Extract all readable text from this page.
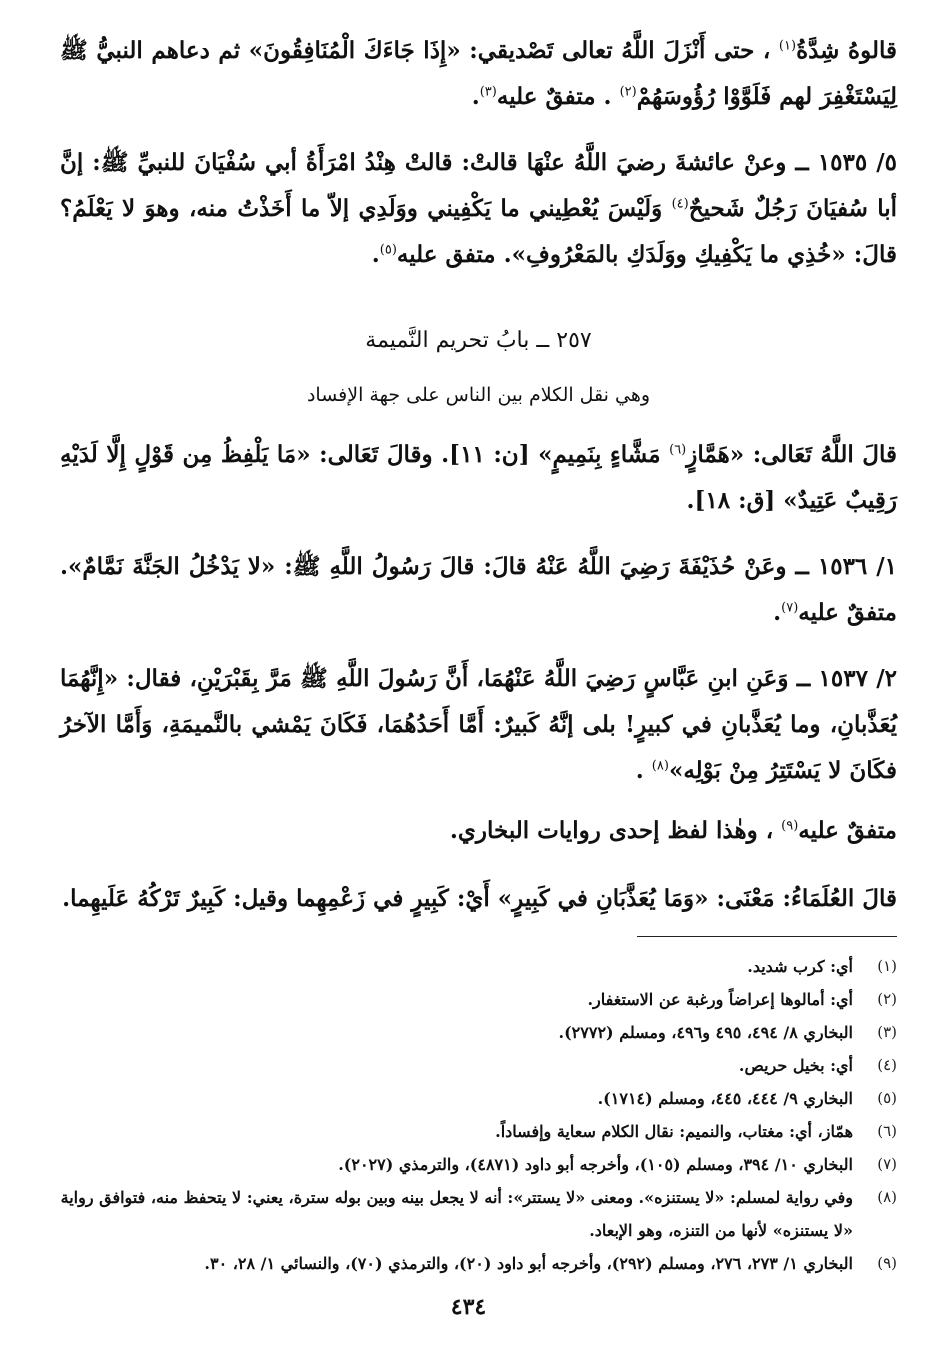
قالوهُ شِدَّةُ$^{(١)}$ ، حتى أَنْزَلَ اللَّهُ تعالى تَصْديقي: «إِذَا جَاءَكَ الْمُنَافِقُونَ» ثم دعاهم النبيُّ ﷺ لِيَسْتَغْفِرَ لهم فَلَوَّوْا رُؤُوسَهُمْ$^{(٢)}$ . متفقٌ عليه$^{(٣)}$.
٥/ ١٥٣٥ ــ وعنْ عائشةَ رضيَ اللَّهُ عنْهَا قالتْ: قالتْ هِنْدُ امْرَأَةُ أبي سُفْيَانَ للنبيِّ ﷺ: إنَّ أبا سُفيَانَ رَجُلٌ شَحيحٌ$^{(٤)}$ وَلَيْسَ يُعْطِيني ما يَكْفِيني ووَلَدِي إلاّ ما أَخَذْتُ منه، وهوَ لا يَعْلَمُ؟ قالَ: «خُذِي ما يَكْفِيكِ ووَلَدَكِ بالمَعْرُوفِ». متفق عليه$^{(٥)}$.
٢٥٧ ــ بابُ تحريم النَّميمة
وهي نقل الكلام بين الناس على جهة الإفساد
قالَ اللَّهُ تَعَالى: «هَمَّازٍ$^{(٦)}$ مَشَّاءٍ بِنَمِيمٍ» [ن: ١١]. وقالَ تَعَالى: «مَا يَلْفِظُ مِن قَوْلٍ إِلَّا لَدَيْهِ رَقِيبٌ عَتِيدٌ» [ق: ١٨].
١/ ١٥٣٦ ــ وعَنْ حُذَيْفَةَ رَضِيَ اللَّهُ عَنْهُ قالَ: قالَ رَسُولُ اللَّهِ ﷺ: «لا يَدْخُلُ الجَنَّةَ نَمَّامٌ». متفقٌ عليه$^{(٧)}$.
٢/ ١٥٣٧ ــ وَعَنِ ابنِ عَبَّاسٍ رَضِيَ اللَّهُ عَنْهُمَا، أَنَّ رَسُولَ اللَّهِ ﷺ مَرَّ بِقَبْرَيْنِ، فقال: «إِنَّهُمَا يُعَذَّبانِ، وما يُعَذَّبانِ في كبيرٍ! بلى إنَّهُ كَبيرٌ: أَمَّا أَحَدُهُمَا، فَكَانَ يَمْشي بالنَّميمَةِ، وَأَمَّا الآخرُ فكَانَ لا يَسْتَتِرُ مِنْ بَوْلِه»$^{(٨)}$ .
متفقٌ عليه$^{(٩)}$ ، وهٰذا لفظ إحدى روايات البخاري.
قالَ العُلَمَاءُ: مَعْنَى: «وَمَا يُعَذَّبَانِ في كَبِيرٍ» أَيْ: كَبِيرٍ في زَعْمِهِما وقيل: كَبِيرٌ تَرْكُهُ عَلَيهِما.
(١)
أي: كرب شديد.
(٢)
أي: أمالوها إعراضاً ورغبة عن الاستغفار.
(٣)
البخاري ٨/ ٤٩٤، ٤٩٥ و٤٩٦، ومسلم (٢٧٧٢).
(٤)
أي: بخيل حريص.
(٥)
البخاري ٩/ ٤٤٤، ٤٤٥، ومسلم (١٧١٤).
(٦)
همّاز، أي: مغتاب، والنميم: نقال الكلام سعاية وإفساداً.
(٧)
البخاري ١٠/ ٣٩٤، ومسلم (١٠٥)، وأخرجه أبو داود (٤٨٧١)، والترمذي (٢٠٢٧).
(٨)
وفي رواية لمسلم: «لا يستنزه». ومعنى «لا يستتر»: أنه لا يجعل بينه وبين بوله سترة، يعني: لا يتحفظ منه، فتوافق رواية «لا يستنزه» لأنها من التنزه، وهو الإبعاد.
(٩)
البخاري ١/ ٢٧٣، ٢٧٦، ومسلم (٢٩٢)، وأخرجه أبو داود (٢٠)، والترمذي (٧٠)، والنسائي ١/ ٢٨، ٣٠.
٤٣٤
